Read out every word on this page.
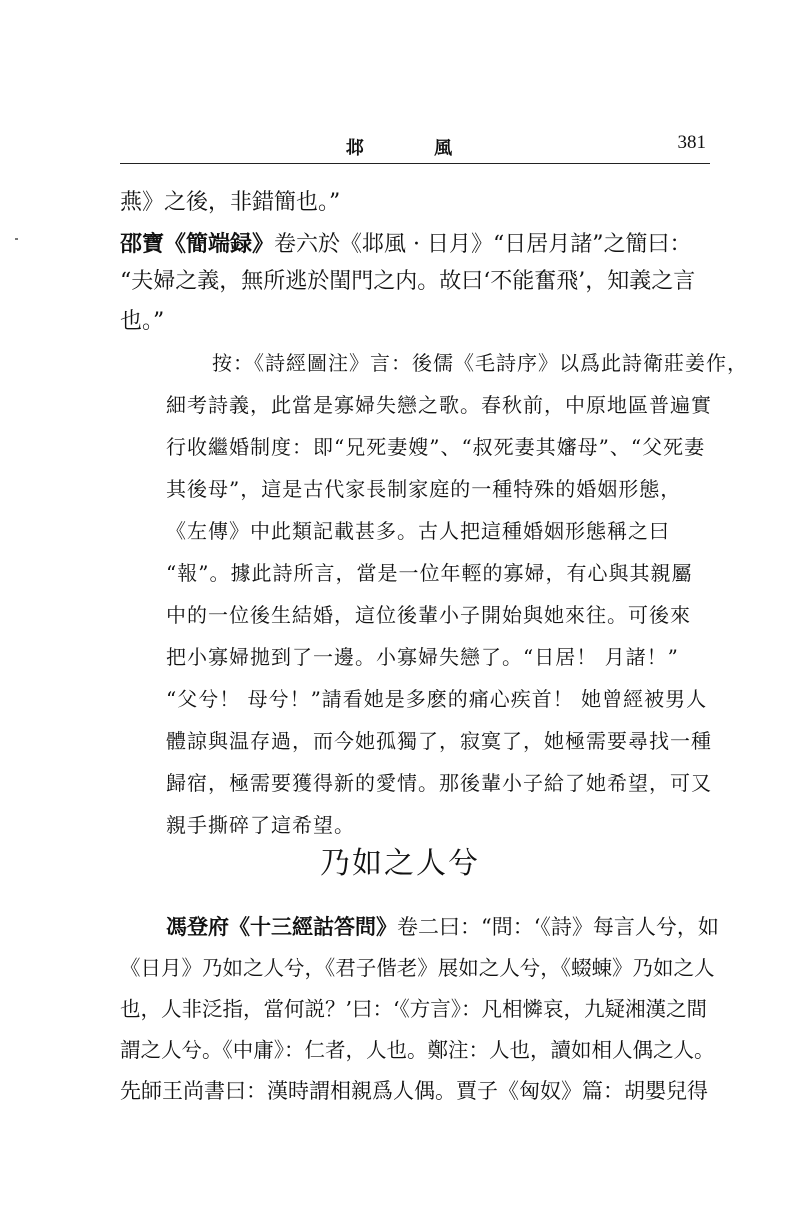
邶 風	381
燕》之後，非錯簡也。”
邵寶《簡端録》卷六於《邶風 · 日月》“日居月諸”之簡曰：
“夫婦之義，無所逃於閨門之内。故曰‘不能奮飛’，知義之言
也。”
按：《詩經圖注》言：後儒《毛詩序》以爲此詩衛莊姜作，
細考詩義，此當是寡婦失戀之歌。春秋前，中原地區普遍實
行收繼婚制度：即“兄死妻嫂”、“叔死妻其嬸母”、“父死妻
其後母”，這是古代家長制家庭的一種特殊的婚姻形態，
《左傳》中此類記載甚多。古人把這種婚姻形態稱之曰
“報”。據此詩所言，當是一位年輕的寡婦，有心與其親屬
中的一位後生結婚，這位後輩小子開始與她來往。可後來
把小寡婦拋到了一邊。小寡婦失戀了。“日居！ 月諸！”
“父兮！ 母兮！”請看她是多麽的痛心疾首！ 她曾經被男人
體諒與温存過，而今她孤獨了，寂寞了，她極需要尋找一種
歸宿，極需要獲得新的愛情。那後輩小子給了她希望，可又
親手撕碎了這希望。
乃如之人兮
馮登府《十三經詁答問》卷二曰：“問：‘《詩》每言人兮，如
《日月》乃如之人兮，《君子偕老》展如之人兮，《蝃蝀》乃如之人
也，人非泛指，當何説？’曰：‘《方言》：凡相憐哀，九疑湘漢之間
謂之人兮。《中庸》：仁者，人也。鄭注：人也，讀如相人偶之人。
先師王尚書曰：漢時謂相親爲人偶。賈子《匈奴》篇：胡嬰兒得
